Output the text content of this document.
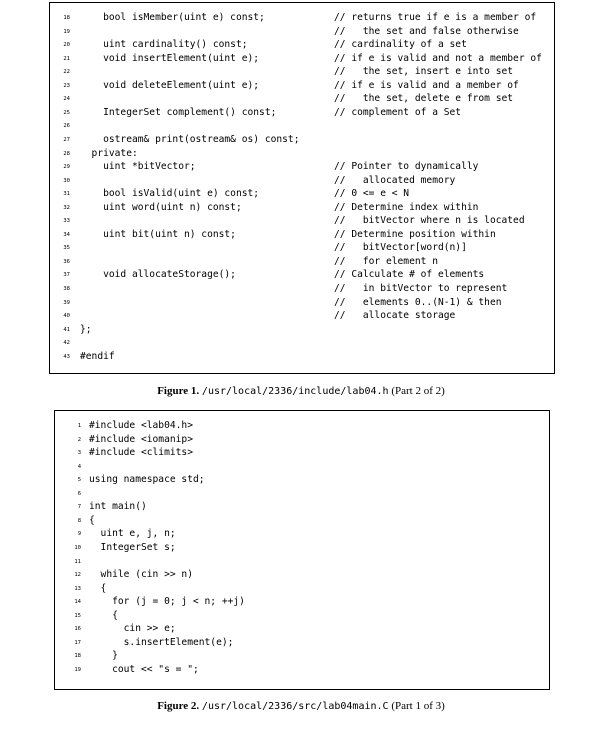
18 bool isMember(uint e) const;	// returns true if e is a member of
19	//   the set and false otherwise
20 uint cardinality() const;	// cardinality of a set
21 void insertElement(uint e);	// if e is valid and not a member of
22	//   the set, insert e into set
23 void deleteElement(uint e);	// if e is valid and a member of
24	//   the set, delete e from set
25 IntegerSet complement() const;	// complement of a Set
26
27 ostream& print(ostream& os) const;
28 private:
29 uint *bitVector;	// Pointer to dynamically
30	//   allocated memory
31 bool isValid(uint e) const;	// 0 <= e < N
32 uint word(uint n) const;	// Determine index within
33	//   bitVector where n is located
34 uint bit(uint n) const;	// Determine position within
35	//   bitVector[word(n)]
36	//   for element n
37 void allocateStorage();	// Calculate # of elements
38	//   in bitVector to represent
39	//   elements 0..(N-1) & then
40	//   allocate storage
41 };
42
43 #endif
Figure 1. /usr/local/2336/include/lab04.h (Part 2 of 2)
1 #include <lab04.h>
2 #include <iomanip>
3 #include <climits>
4
5 using namespace std;
6
7 int main()
8 {
9 uint e, j, n;
10 IntegerSet s;
11
12 while (cin >> n)
13 {
14 for (j = 0; j < n; ++j)
15 {
16 cin >> e;
17 s.insertElement(e);
18 }
19 cout << "s = ";
Figure 2. /usr/local/2336/src/lab04main.C (Part 1 of 3)
